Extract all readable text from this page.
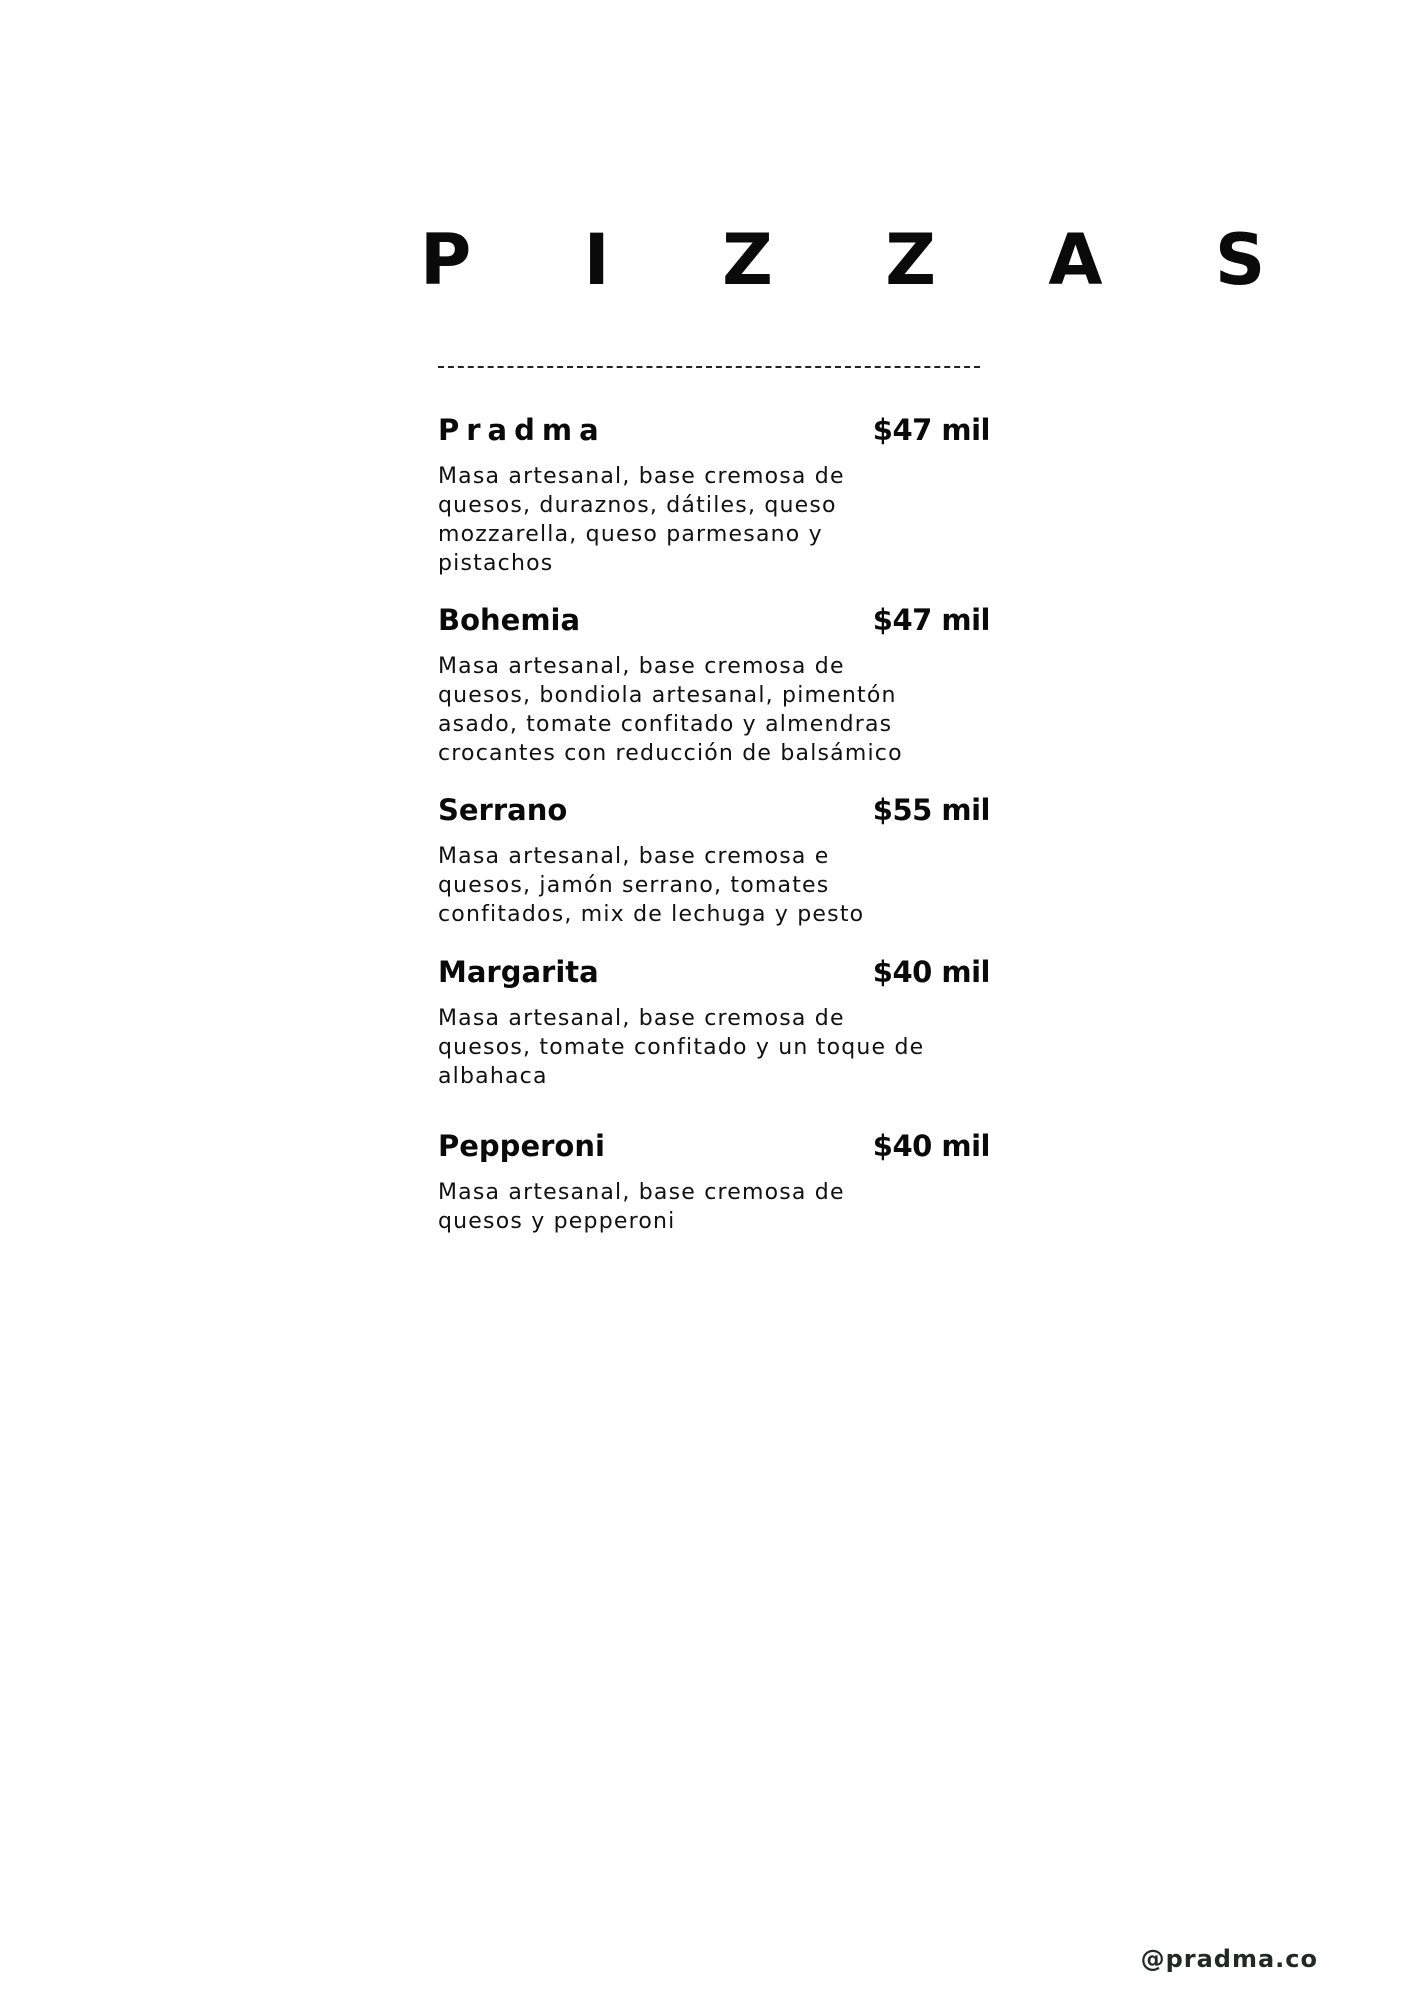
P I Z Z A S
Pradma	$47 mil

Masa artesanal, base cremosa de quesos, duraznos, dátiles, queso mozzarella, queso parmesano y pistachos

Bohemia	$47 mil

Masa artesanal, base cremosa de quesos, bondiola artesanal, pimentón asado, tomate confitado y almendras crocantes con reducción de balsámico

Serrano	$55 mil

Masa artesanal, base cremosa e quesos, jamón serrano, tomates confitados, mix de lechuga y pesto

Margarita	$40 mil

Masa artesanal, base cremosa de quesos, tomate confitado y un toque de albahaca

Pepperoni	$40 mil

Masa artesanal, base cremosa de quesos y pepperoni

@pradma.co
